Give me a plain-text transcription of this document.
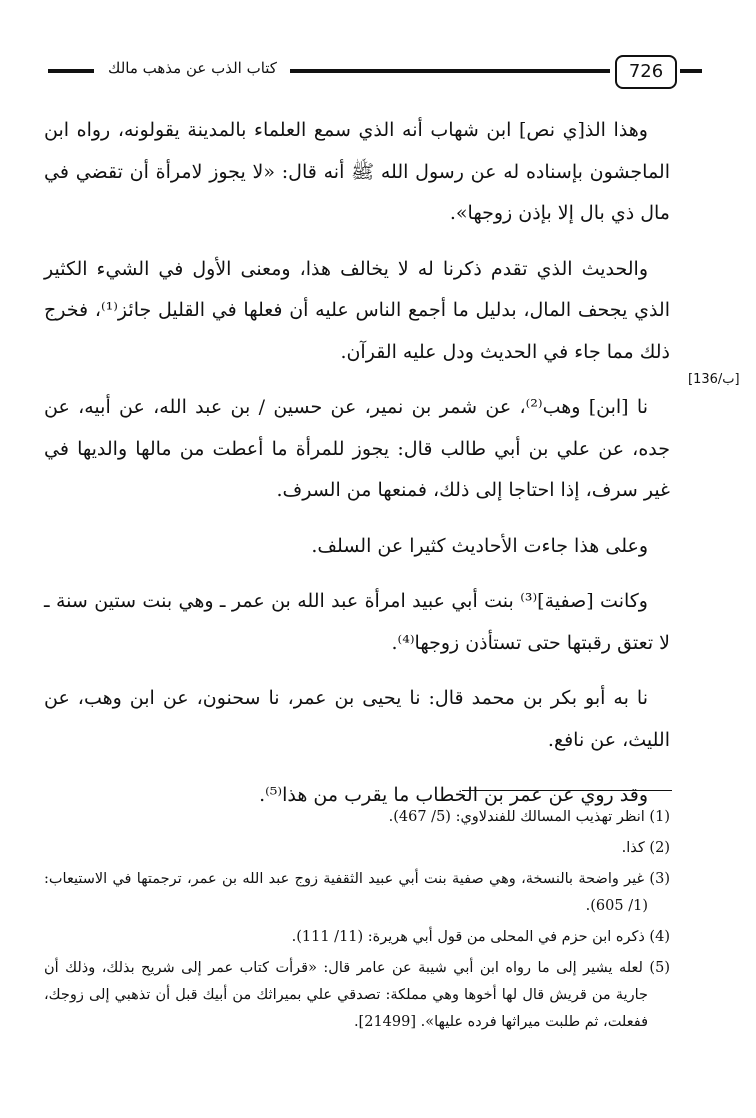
كتاب الذب عن مذهب مالك	726
[136/ب]

وهذا الذ[ي نص] ابن شهاب أنه الذي سمع العلماء بالمدينة يقولونه، رواه ابن الماجشون بإسناده له عن رسول الله ﷺ أنه قال: «لا يجوز لامرأة أن تقضي في مال ذي بال إلا بإذن زوجها».

والحديث الذي تقدم ذكرنا له لا يخالف هذا، ومعنى الأول في الشيء الكثير الذي يجحف المال، بدليل ما أجمع الناس عليه أن فعلها في القليل جائز⁽¹⁾، فخرج ذلك مما جاء في الحديث ودل عليه القرآن.

نا [ابن] وهب⁽²⁾، عن شمر بن نمير، عن حسين / بن عبد الله، عن أبيه، عن جده، عن علي بن أبي طالب قال: يجوز للمرأة ما أعطت من مالها والديها في غير سرف، إذا احتاجا إلى ذلك، فمنعها من السرف.

وعلى هذا جاءت الأحاديث كثيرا عن السلف.

وكانت [صفية]⁽³⁾ بنت أبي عبيد امرأة عبد الله بن عمر ـ وهي بنت ستين سنة ـ لا تعتق رقبتها حتى تستأذن زوجها⁽⁴⁾.

نا به أبو بكر بن محمد قال: نا يحيى بن عمر، نا سحنون، عن ابن وهب، عن الليث، عن نافع.

وقد روي عن عمر بن الخطاب ما يقرب من هذا⁽⁵⁾.

(1) انظر تهذيب المسالك للفندلاوي: (5/ 467).

(2) كذا.

(3) غير واضحة بالنسخة، وهي صفية بنت أبي عبيد الثقفية زوج عبد الله بن عمر، ترجمتها في الاستيعاب: (1/ 605).

(4) ذكره ابن حزم في المحلى من قول أبي هريرة: (11/ 111).

(5) لعله يشير إلى ما رواه ابن أبي شيبة عن عامر قال: «قرأت كتاب عمر إلى شريح بذلك، وذلك أن جارية من قريش قال لها أخوها وهي مملكة: تصدقي علي بميراثك من أبيك قبل أن تذهبي إلى زوجك، ففعلت، ثم طلبت ميراثها فرده عليها». [21499].
